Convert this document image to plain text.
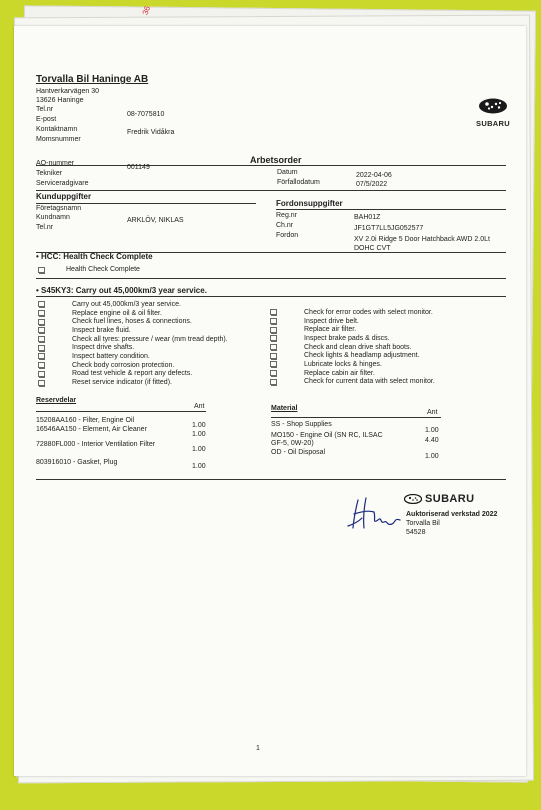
36
Torvalla Bil Haninge AB
Hantverkarvägen 30
13626 Haninge
Tel.nr
08-7075810
E-post
Kontaktnamn	Fredrik Vidåkra
Momsnummer
SUBARU
Arbetsorder
AO-nummer
001149
Tekniker
Serviceradgivare
Datum	2022-04-06
Förfallodatum	07/5/2022
Kunduppgifter
Företagsnamn
Kundnamn	ARKLÖV, NIKLAS
Tel.nr
Fordonsuppgifter
Reg.nr	BAH01Z
Ch.nr	JF1GT7LL5JG052577
Fordon
XV 2.0i Ridge 5 Door Hatchback AWD 2.0Lt
DOHC CVT
• HCC: Health Check Complete
Health Check Complete
• S45KY3: Carry out 45,000km/3 year service.
Carry out 45,000km/3 year service.
Replace engine oil & oil filter.
Check fuel lines, hoses & connections.
Inspect brake fluid.
Check all tyres: pressure / wear (mm tread depth).
Inspect drive shafts.
Inspect battery condition.
Check body corrosion protection.
Road test vehicle & report any defects.
Reset service indicator (if fitted).
Check for error codes with select monitor.
Inspect drive belt.
Replace air filter.
Inspect brake pads & discs.
Check and clean drive shaft boots.
Check lights & headlamp adjustment.
Lubricate locks & hinges.
Replace cabin air filter.
Check for current data with select monitor.
Reservdelar
Ant
15208AA160 - Filter, Engine Oil
1.00
16546AA150 - Element, Air Cleaner
1.00
72880FL000 - Interior Ventilation Filter
1.00
803916010 - Gasket, Plug
1.00
Material
Ant
SS - Shop Supplies
1.00
MO150 - Engine Oil (SN RC, ILSAC
GF-5, 0W-20)	4.40
OD - Oil Disposal
1.00
SUBARU
Auktoriserad verkstad 2022
Torvalla Bil
54528
1
